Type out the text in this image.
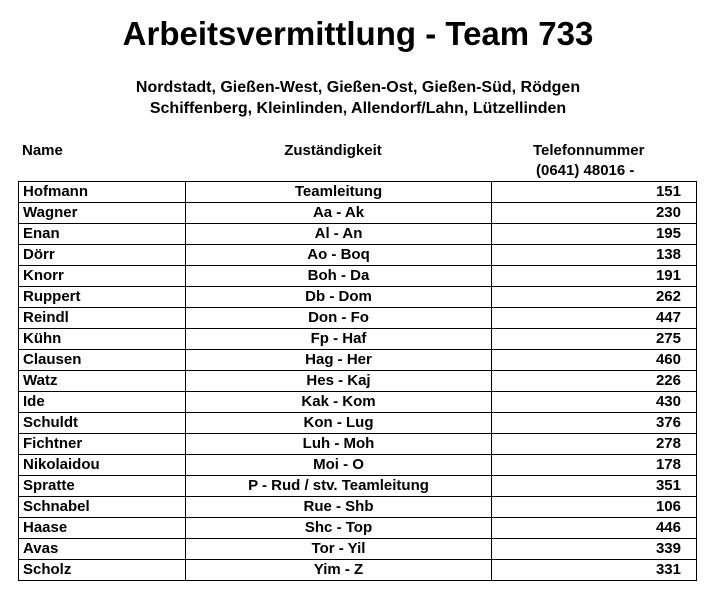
Arbeitsvermittlung - Team 733
Nordstadt, Gießen-West, Gießen-Ost, Gießen-Süd, Rödgen
Schiffenberg, Kleinlinden, Allendorf/Lahn, Lützellinden
Name	Zuständigkeit	Telefonnummer
(0641) 48016 -
Hofmann	Teamleitung	151
Wagner	Aa - Ak	230
Enan	Al - An	195
Dörr	Ao - Boq	138
Knorr	Boh - Da	191
Ruppert	Db - Dom	262
Reindl	Don - Fo	447
Kühn	Fp - Haf	275
Clausen	Hag - Her	460
Watz	Hes - Kaj	226
Ide	Kak - Kom	430
Schuldt	Kon - Lug	376
Fichtner	Luh - Moh	278
Nikolaidou	Moi - O	178
Spratte	P - Rud / stv. Teamleitung	351
Schnabel	Rue - Shb	106
Haase	Shc - Top	446
Avas	Tor - Yil	339
Scholz	Yim - Z	331
